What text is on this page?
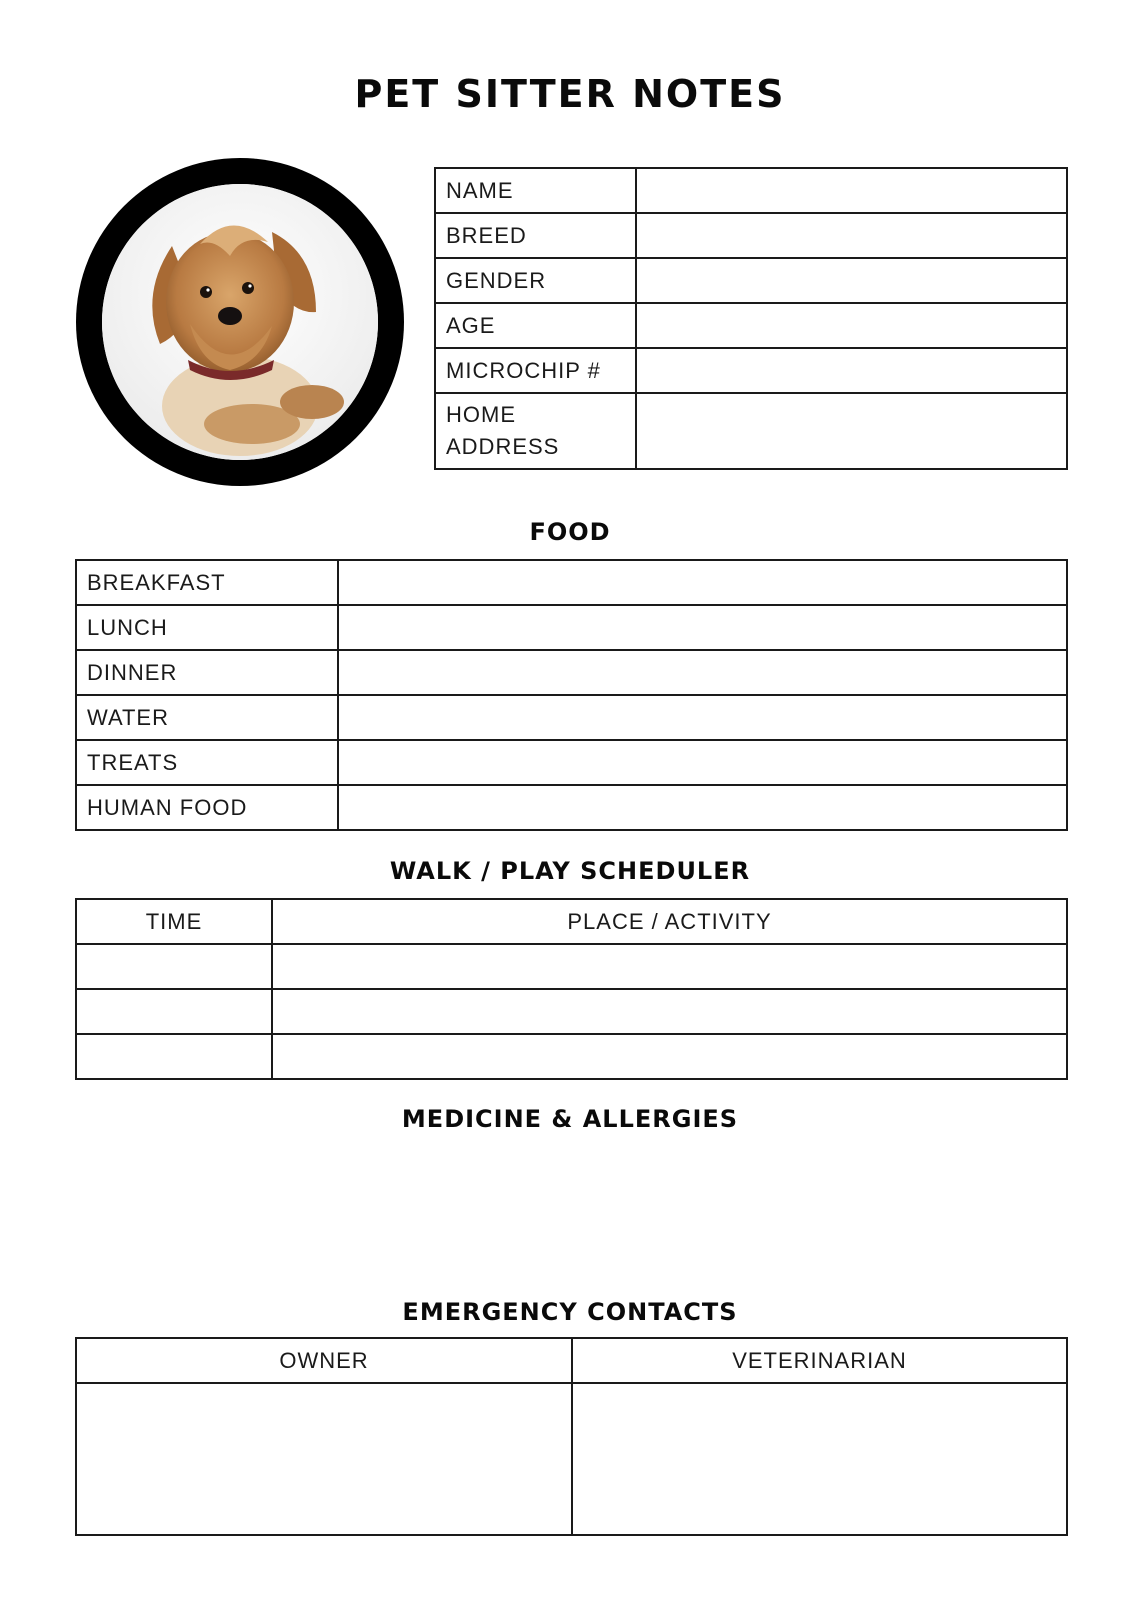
PET SITTER NOTES
NAME	
BREED	
GENDER	
AGE	
MICROCHIP #	
HOME ADDRESS	
FOOD
BREAKFAST	
LUNCH	
DINNER	
WATER	
TREATS	
HUMAN FOOD	
WALK / PLAY SCHEDULER
TIME	PLACE / ACTIVITY

MEDICINE & ALLERGIES
EMERGENCY CONTACTS
OWNER	VETERINARIAN
